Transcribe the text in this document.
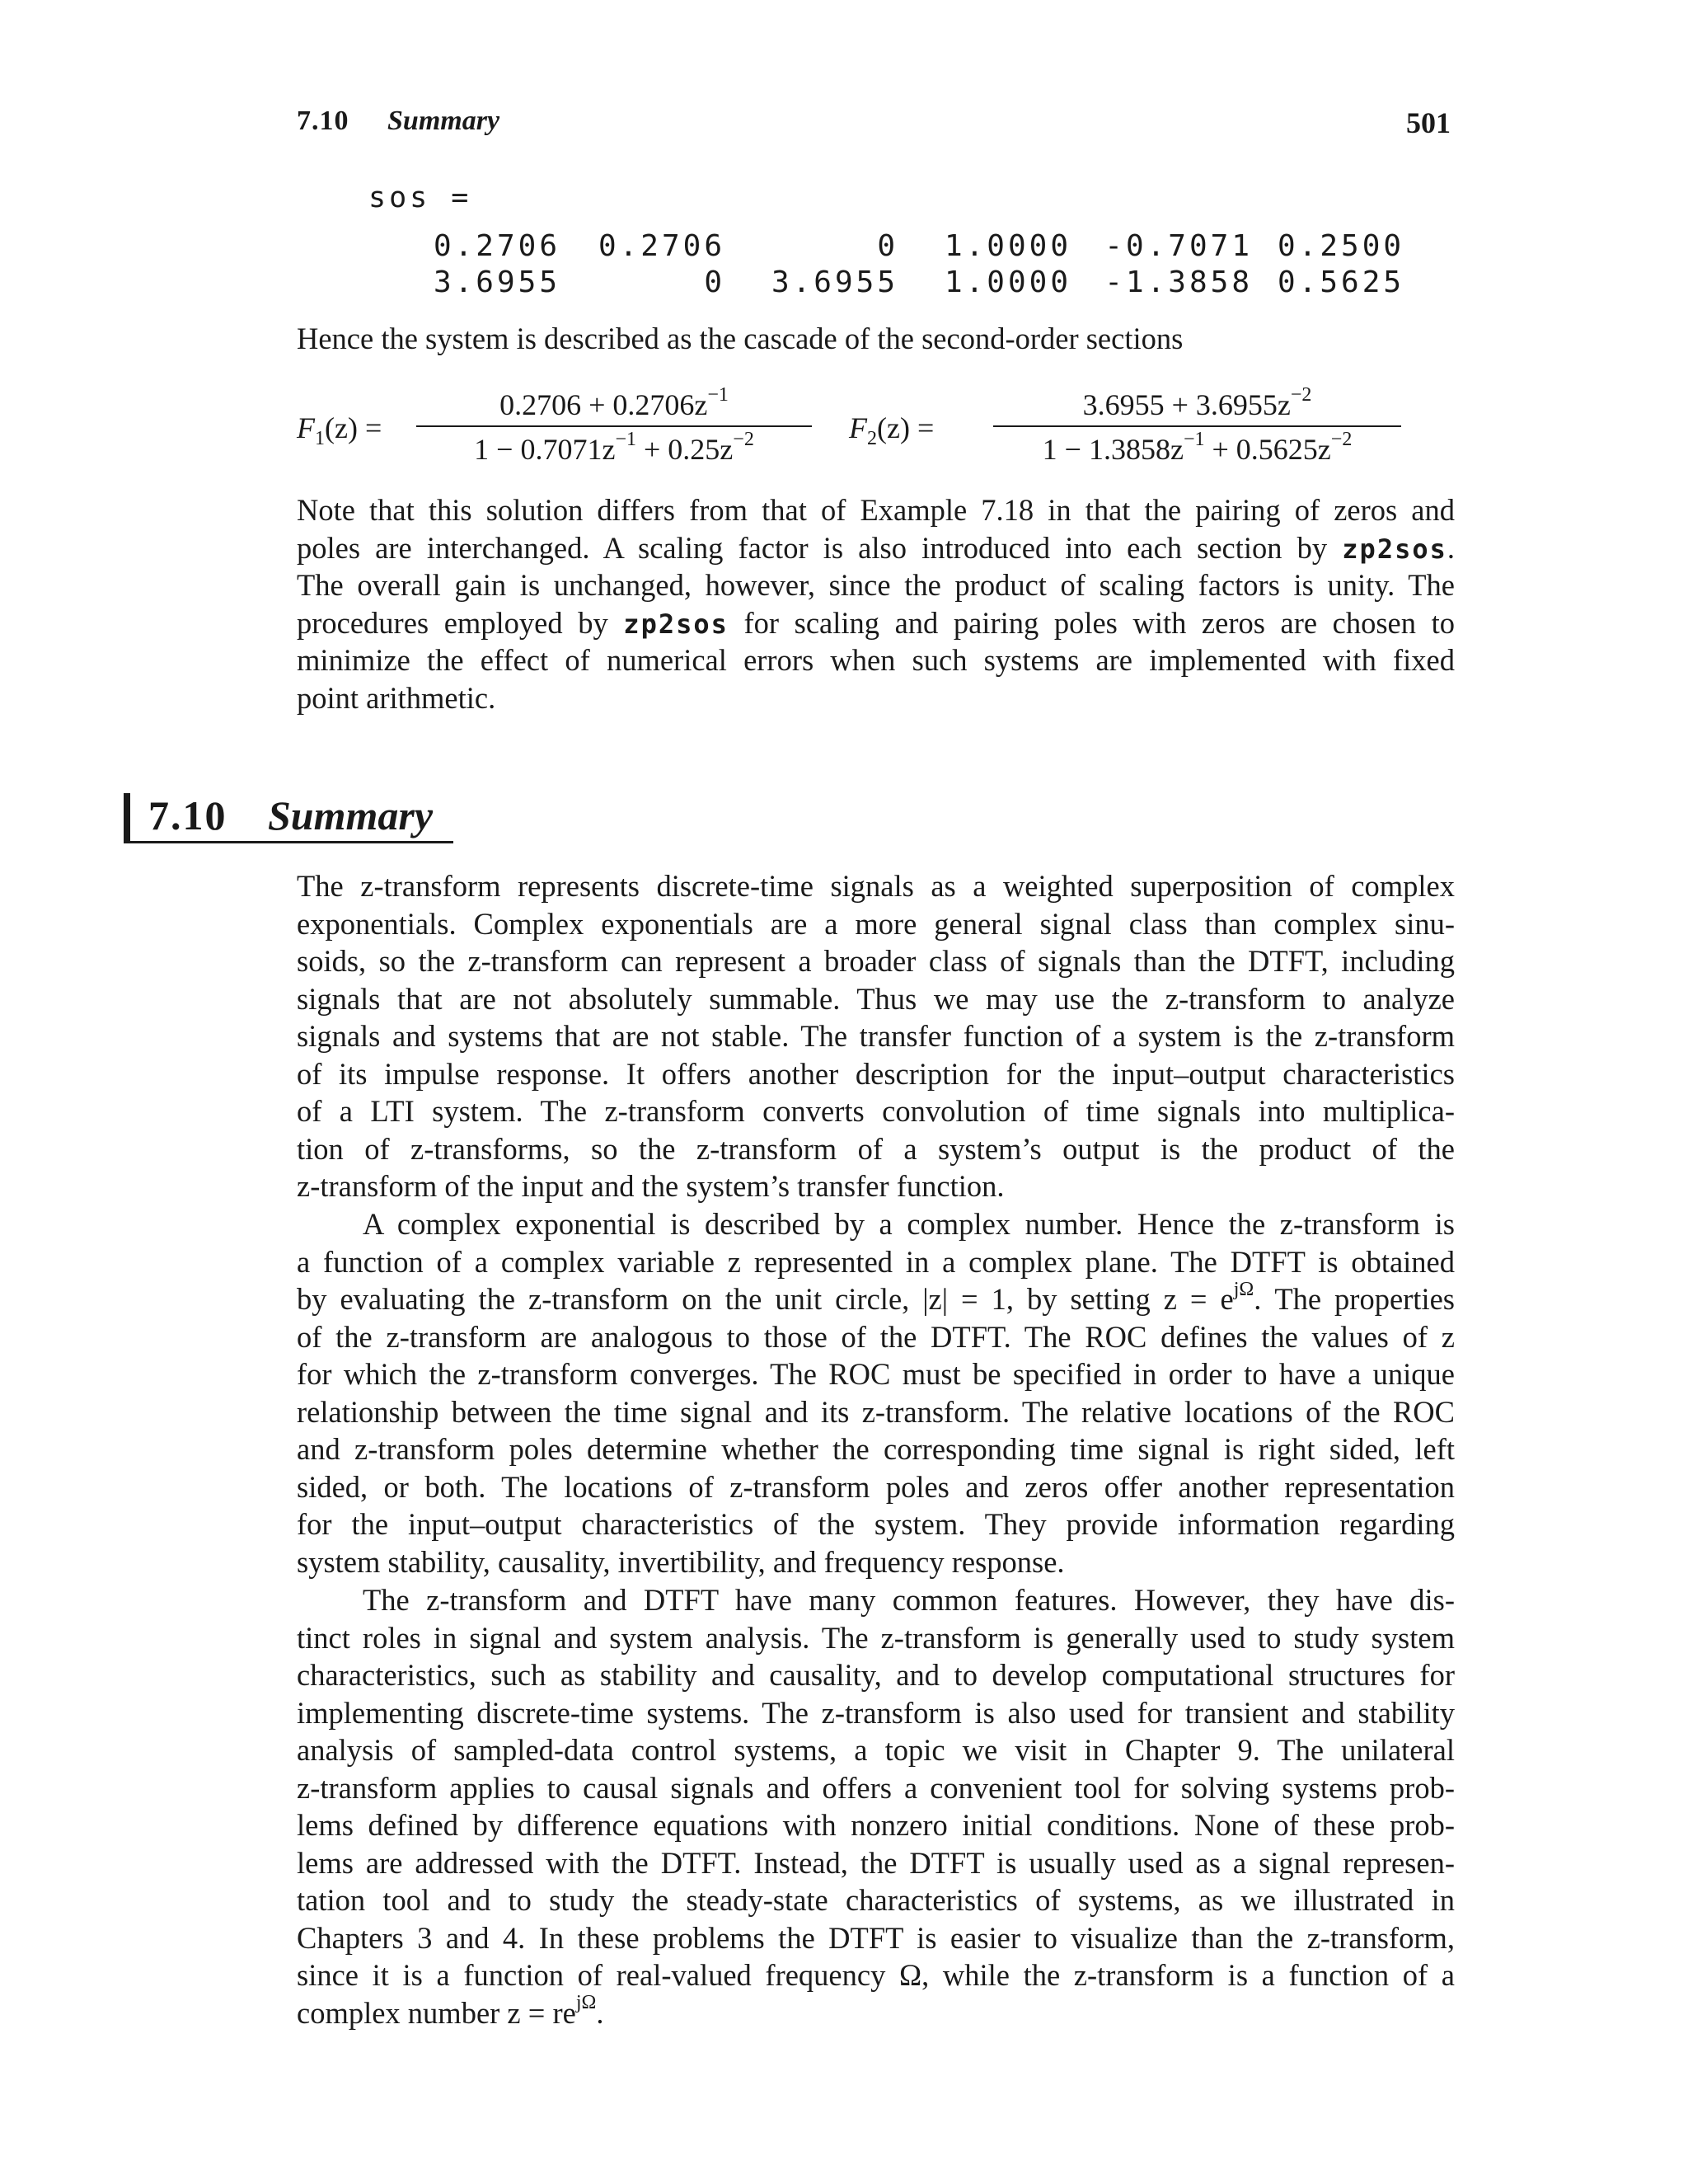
7.10 Summary	501
sos =
0.2706 0.2706	0 1.0000 -0.7071 0.2500
3.6955	0	3.6955 1.0000 -1.3858 0.5625
Hence the system is described as the cascade of the second-order sections
$F_1(z)$ =
$0.2706 + 0.2706z^{-1}$
$1 - 0.7071z^{-1} + 0.25z^{-2}$	$F_2(z)$ =
$3.6955 + 3.6955z^{-2}$
$1 - 1.3858z^{-1} + 0.5625z^{-2}$
Note that this solution differs from that of Example 7.18 in that the pairing of zeros and
poles are interchanged. A scaling factor is also introduced into each section by zp2sos.
The overall gain is unchanged, however, since the product of scaling factors is unity. The
procedures employed by zp2sos for scaling and pairing poles with zeros are chosen to
minimize the effect of numerical errors when such systems are implemented with fixed
point arithmetic.
7.10 Summary
The z-transform represents discrete-time signals as a weighted superposition of complex
exponentials. Complex exponentials are a more general signal class than complex sinu-
soids, so the z-transform can represent a broader class of signals than the DTFT, including
signals that are not absolutely summable. Thus we may use the z-transform to analyze
signals and systems that are not stable. The transfer function of a system is the z-transform
of its impulse response. It offers another description for the input–output characteristics
of a LTI system. The z-transform converts convolution of time signals into multiplica-
tion of z-transforms, so the z-transform of a system’s output is the product of the
z-transform of the input and the system’s transfer function.
A complex exponential is described by a complex number. Hence the z-transform is
a function of a complex variable z represented in a complex plane. The DTFT is obtained
by evaluating the z-transform on the unit circle, |z| = 1, by setting $z = e^{j\Omega}$. The properties
of the z-transform are analogous to those of the DTFT. The ROC defines the values of z
for which the z-transform converges. The ROC must be specified in order to have a unique
relationship between the time signal and its z-transform. The relative locations of the ROC
and z-transform poles determine whether the corresponding time signal is right sided, left
sided, or both. The locations of z-transform poles and zeros offer another representation
for the input–output characteristics of the system. They provide information regarding
system stability, causality, invertibility, and frequency response.
The z-transform and DTFT have many common features. However, they have dis-
tinct roles in signal and system analysis. The z-transform is generally used to study system
characteristics, such as stability and causality, and to develop computational structures for
implementing discrete-time systems. The z-transform is also used for transient and stability
analysis of sampled-data control systems, a topic we visit in Chapter 9. The unilateral
z-transform applies to causal signals and offers a convenient tool for solving systems prob-
lems defined by difference equations with nonzero initial conditions. None of these prob-
lems are addressed with the DTFT. Instead, the DTFT is usually used as a signal represen-
tation tool and to study the steady-state characteristics of systems, as we illustrated in
Chapters 3 and 4. In these problems the DTFT is easier to visualize than the z-transform,
since it is a function of real-valued frequency Ω, while the z-transform is a function of a
complex number $z = re^{j\Omega}$.
